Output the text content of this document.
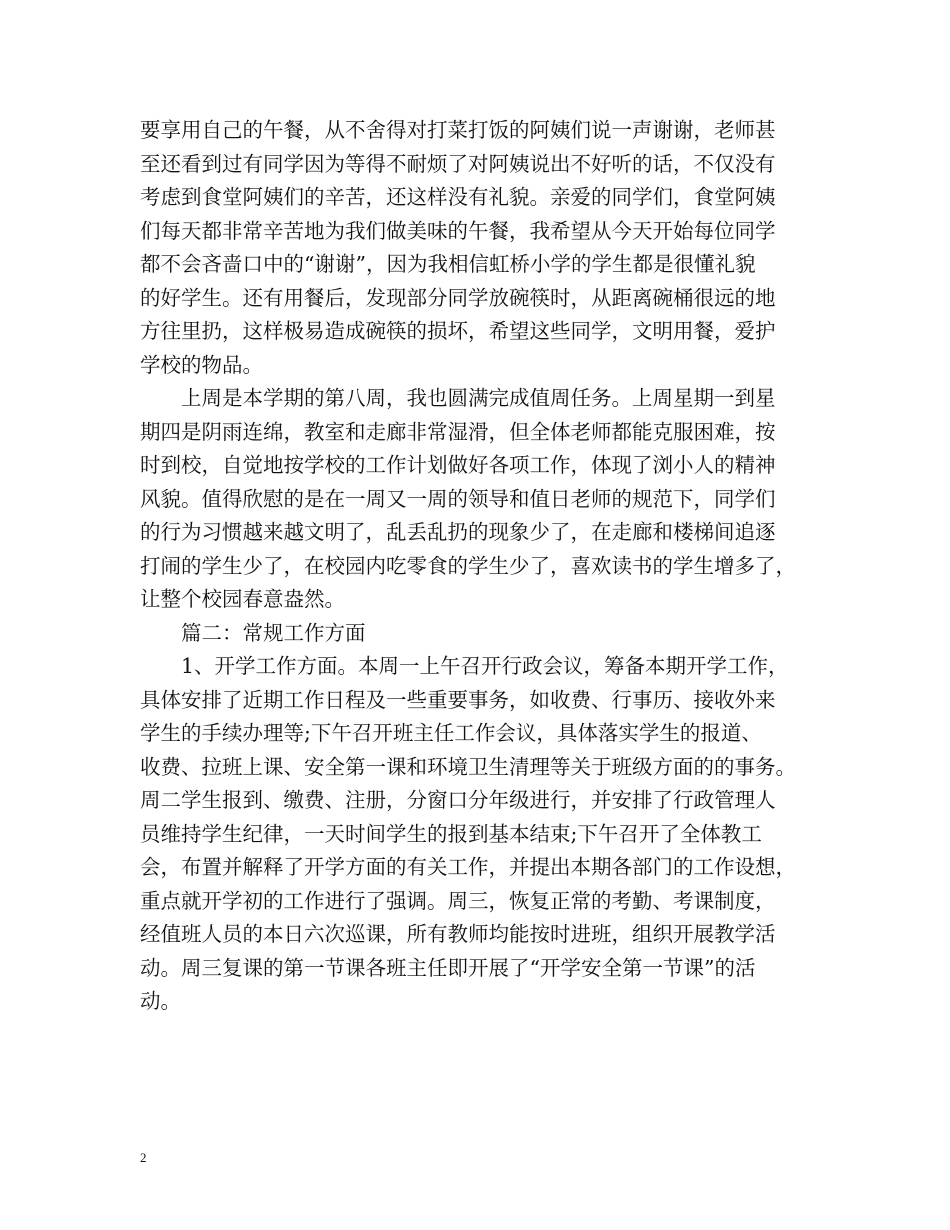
要享用自己的午餐，从不舍得对打菜打饭的阿姨们说一声谢谢，老师甚
至还看到过有同学因为等得不耐烦了对阿姨说出不好听的话，不仅没有
考虑到食堂阿姨们的辛苦，还这样没有礼貌。亲爱的同学们，食堂阿姨
们每天都非常辛苦地为我们做美味的午餐，我希望从今天开始每位同学
都不会吝啬口中的“谢谢”，因为我相信虹桥小学的学生都是很懂礼貌
的好学生。还有用餐后，发现部分同学放碗筷时，从距离碗桶很远的地
方往里扔，这样极易造成碗筷的损坏，希望这些同学，文明用餐，爱护
学校的物品。
上周是本学期的第八周，我也圆满完成值周任务。上周星期一到星
期四是阴雨连绵，教室和走廊非常湿滑，但全体老师都能克服困难，按
时到校，自觉地按学校的工作计划做好各项工作，体现了浏小人的精神
风貌。值得欣慰的是在一周又一周的领导和值日老师的规范下，同学们
的行为习惯越来越文明了，乱丢乱扔的现象少了，在走廊和楼梯间追逐
打闹的学生少了，在校园内吃零食的学生少了，喜欢读书的学生增多了，
让整个校园春意盎然。
篇二：常规工作方面
1、开学工作方面。本周一上午召开行政会议，筹备本期开学工作，
具体安排了近期工作日程及一些重要事务，如收费、行事历、接收外来
学生的手续办理等;下午召开班主任工作会议，具体落实学生的报道、
收费、拉班上课、安全第一课和环境卫生清理等关于班级方面的的事务。
周二学生报到、缴费、注册，分窗口分年级进行，并安排了行政管理人
员维持学生纪律，一天时间学生的报到基本结束;下午召开了全体教工
会，布置并解释了开学方面的有关工作，并提出本期各部门的工作设想，
重点就开学初的工作进行了强调。周三，恢复正常的考勤、考课制度，
经值班人员的本日六次巡课，所有教师均能按时进班，组织开展教学活
动。周三复课的第一节课各班主任即开展了“开学安全第一节课”的活
动。
2
